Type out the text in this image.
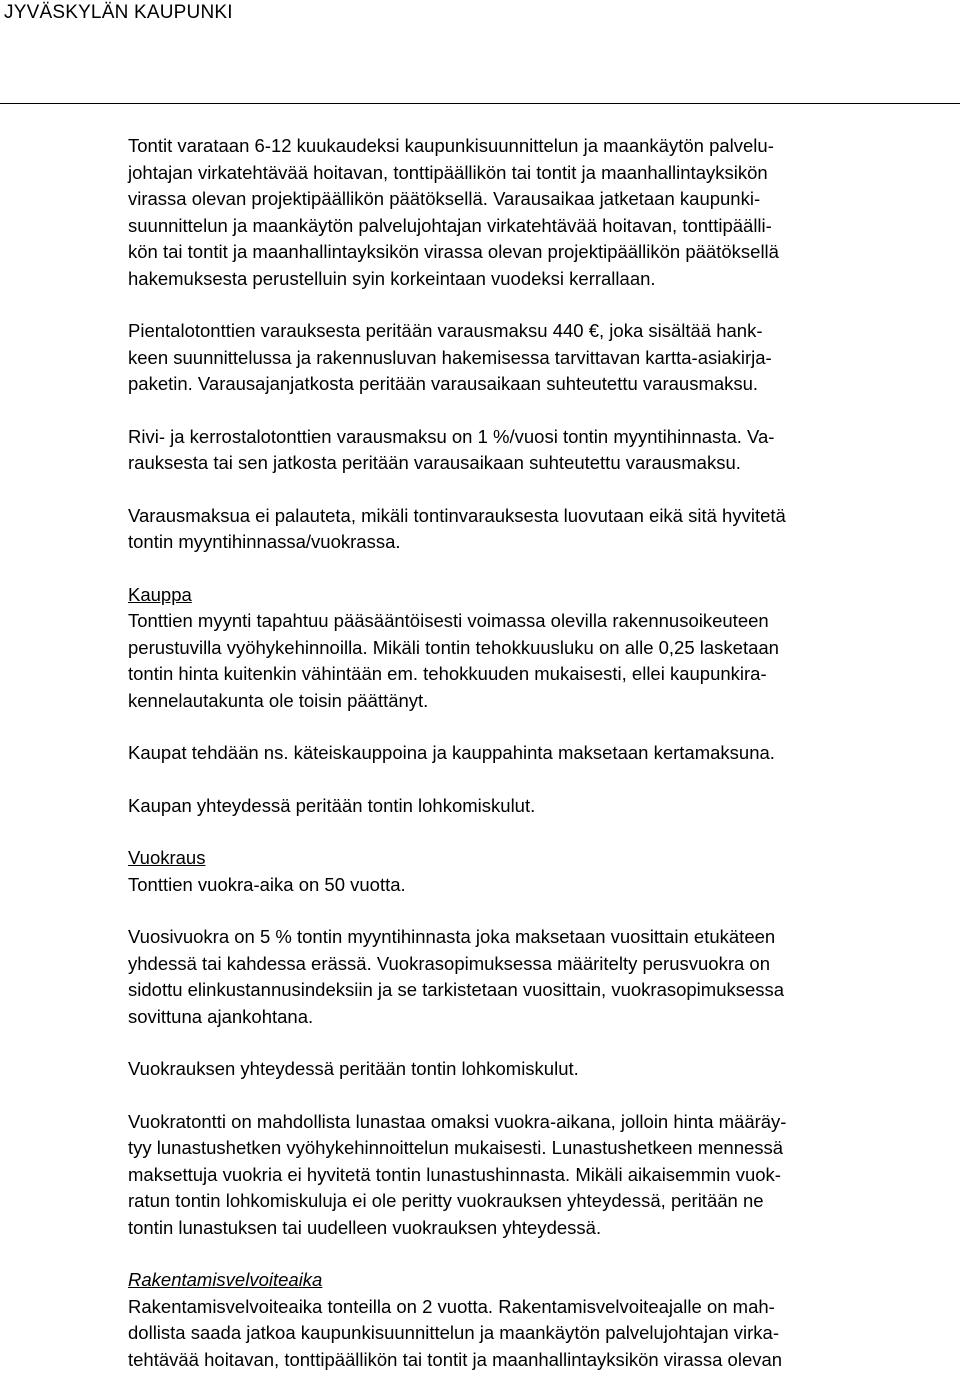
JYVÄSKYLÄN KAUPUNKI
Tontit varataan 6-12 kuukaudeksi kaupunkisuunnittelun ja maankäytön palvelu-
johtajan virkatehtävää hoitavan, tonttipäällikön tai tontit ja maanhallintayksikön
virassa olevan projektipäällikön päätöksellä. Varausaikaa jatketaan kaupunki-
suunnittelun ja maankäytön palvelujohtajan virkatehtävää hoitavan, tonttipäälli-
kön tai tontit ja maanhallintayksikön virassa olevan projektipäällikön päätöksellä
hakemuksesta perustelluin syin korkeintaan vuodeksi kerrallaan.
Pientalotonttien varauksesta peritään varausmaksu 440 €, joka sisältää hank-
keen suunnittelussa ja rakennusluvan hakemisessa tarvittavan kartta-asiakirja-
paketin. Varausajanjatkosta peritään varausaikaan suhteutettu varausmaksu.
Rivi- ja kerrostalotonttien varausmaksu on 1 %/vuosi tontin myyntihinnasta. Va-
rauksesta tai sen jatkosta peritään varausaikaan suhteutettu varausmaksu.
Varausmaksua ei palauteta, mikäli tontinvarauksesta luovutaan eikä sitä hyvitetä
tontin myyntihinnassa/vuokrassa.
Kauppa
Tonttien myynti tapahtuu pääsääntöisesti voimassa olevilla rakennusoikeuteen
perustuvilla vyöhykehinnoilla. Mikäli tontin tehokkuusluku on alle 0,25 lasketaan
tontin hinta kuitenkin vähintään em. tehokkuuden mukaisesti, ellei kaupunkira-
kennelautakunta ole toisin päättänyt.
Kaupat tehdään ns. käteiskauppoina ja kauppahinta maksetaan kertamaksuna.
Kaupan yhteydessä peritään tontin lohkomiskulut.
Vuokraus
Tonttien vuokra-aika on 50 vuotta.
Vuosivuokra on 5 % tontin myyntihinnasta joka maksetaan vuosittain etukäteen
yhdessä tai kahdessa erässä. Vuokrasopimuksessa määritelty perusvuokra on
sidottu elinkustannusindeksiin ja se tarkistetaan vuosittain, vuokrasopimuksessa
sovittuna ajankohtana.
Vuokrauksen yhteydessä peritään tontin lohkomiskulut.
Vuokratontti on mahdollista lunastaa omaksi vuokra-aikana, jolloin hinta määräy-
tyy lunastushetken vyöhykehinnoittelun mukaisesti. Lunastushetkeen mennessä
maksettuja vuokria ei hyvitetä tontin lunastushinnasta. Mikäli aikaisemmin vuok-
ratun tontin lohkomiskuluja ei ole peritty vuokrauksen yhteydessä, peritään ne
tontin lunastuksen tai uudelleen vuokrauksen yhteydessä.
Rakentamisvelvoiteaika
Rakentamisvelvoiteaika tonteilla on 2 vuotta. Rakentamisvelvoiteajalle on mah-
dollista saada jatkoa kaupunkisuunnittelun ja maankäytön palvelujohtajan virka-
tehtävää hoitavan, tonttipäällikön tai tontit ja maanhallintayksikön virassa olevan
